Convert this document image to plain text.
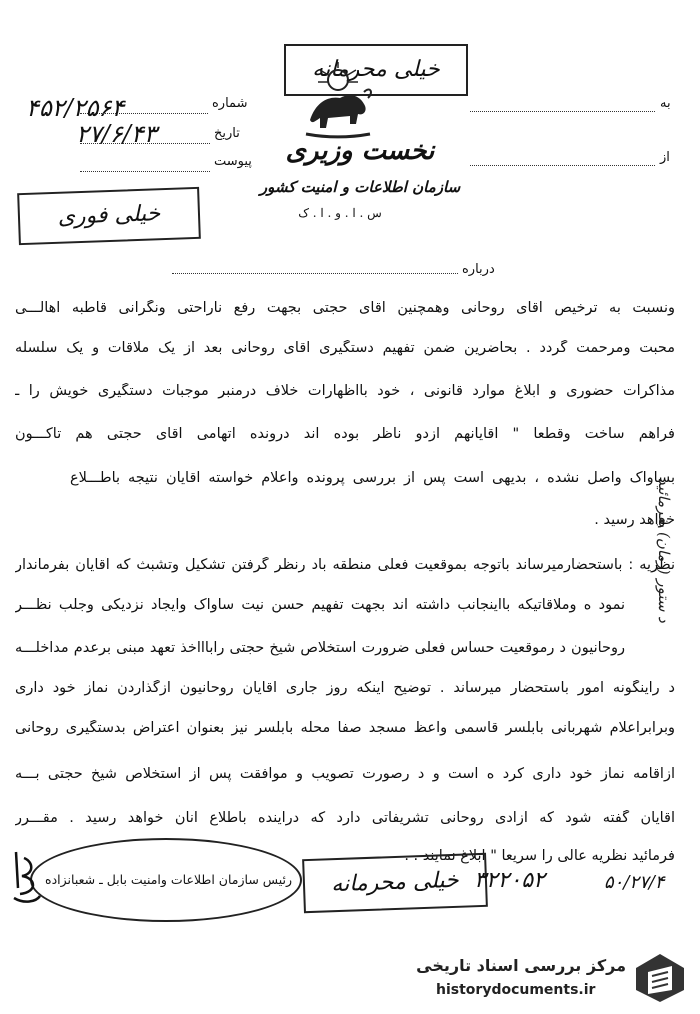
خیلی محرمانه
نخست وزیری
سازمان اطلاعات و امنیت کشور
س . ا . و . ا . ک
۴۵۲/۲۵۶۴	شماره
۲۷/۶/۴۳	تاریخ
پیوست
به
از
خیلی فوری
درباره
ونسبت به ترخیص آقای روحانی وهمچنین آقای حجتی بجهت رفع ناراحتی ونگرانی قاطبه اهالـــی
محبت ومرحمت گردد . بحاضرین ضمن تفهیم دستگیری آقای روحانی بعد از یک ملاقات و یک سلسله
مذاکرات حضوری و ابلاغ موارد قانونی ، خود بااظهارات خلاف درمنبر موجبات دستگیری خویش را ـ
فراهم ساخت وقطعا " آقایانهم ازدو ناظر بوده اند درونده اتهامی آقای حجتی هم تاکـــون
بساواک واصل نشده ، بدیهی است پس از بررسی پرونده واعلام خواسته آقایان نتیجه باطـــلاع
خواهد رسید .
نظریه : باستحضارمیرساند باتوجه بموقعیت فعلی منطقه باد رنظر گرفتن تشکیل وتشبث که آقایان بفرماندار
نمود ه وملاقاتیکه بااینجانب داشته اند بجهت تفهیم حسن نیت ساواک وایجاد نزدیکی وجلب نظـــر
روحانیون د رموقعیت حساس فعلی ضرورت استخلاص شیخ حجتی راباااخذ تعهد مبنی برعدم مداخلـــه
د راینگونه امور باستحضار میرساند . توضیح اینکه روز جاری آقایان روحانیون ازگذاردن نماز خود داری
وبرابراعلام شهربانی بابلسر قاسمی واعظ مسجد صفا محله بابلسر نیز بعنوان اعتراض بدستگیری روحانی
ازاقامه نماز خود داری کرد ه است و د رصورت تصویب و موافقت پس از استخلاص شیخ حجتی بـــه
آقایان گفته شود که آزادی روحانی تشریفاتی دارد که درآینده باطلاع آنان خواهد رسید . مقـــرر
فرمائید نظریه عالی را سریعا " ابلاغ نمایند . .
د ستور (زمان) بفرمائید
رئیس سازمان اطلاعات وامنیت بابل ـ شعبانزاده	خیلی محرمانه ۳۲۲۰۵۲	۵۰/۲۷/۴
مرکز بررسی اسناد تاریخی
historydocuments.ir
